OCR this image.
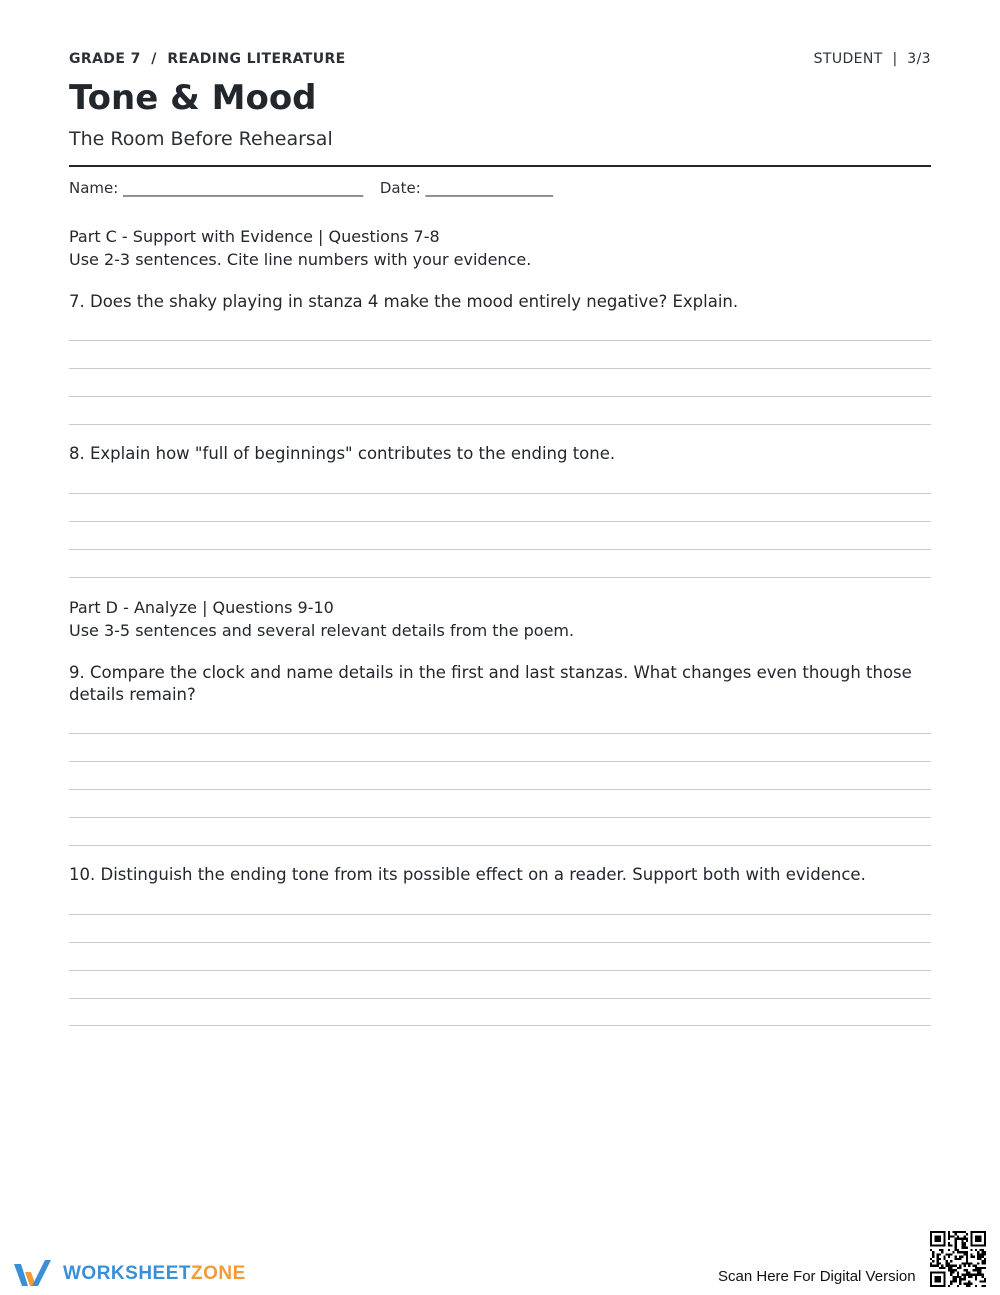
GRADE 7  /  READING LITERATURE	STUDENT  |  3/3
Tone & Mood
The Room Before Rehearsal
Name: ________________________________ Date: _________________
Part C - Support with Evidence | Questions 7-8
Use 2-3 sentences. Cite line numbers with your evidence.
7. Does the shaky playing in stanza 4 make the mood entirely negative? Explain.
8. Explain how "full of beginnings" contributes to the ending tone.
Part D - Analyze | Questions 9-10
Use 3-5 sentences and several relevant details from the poem.
9. Compare the clock and name details in the first and last stanzas. What changes even though those details remain?
10. Distinguish the ending tone from its possible effect on a reader. Support both with evidence.
WORKSHEETZONE	Scan Here For Digital Version
